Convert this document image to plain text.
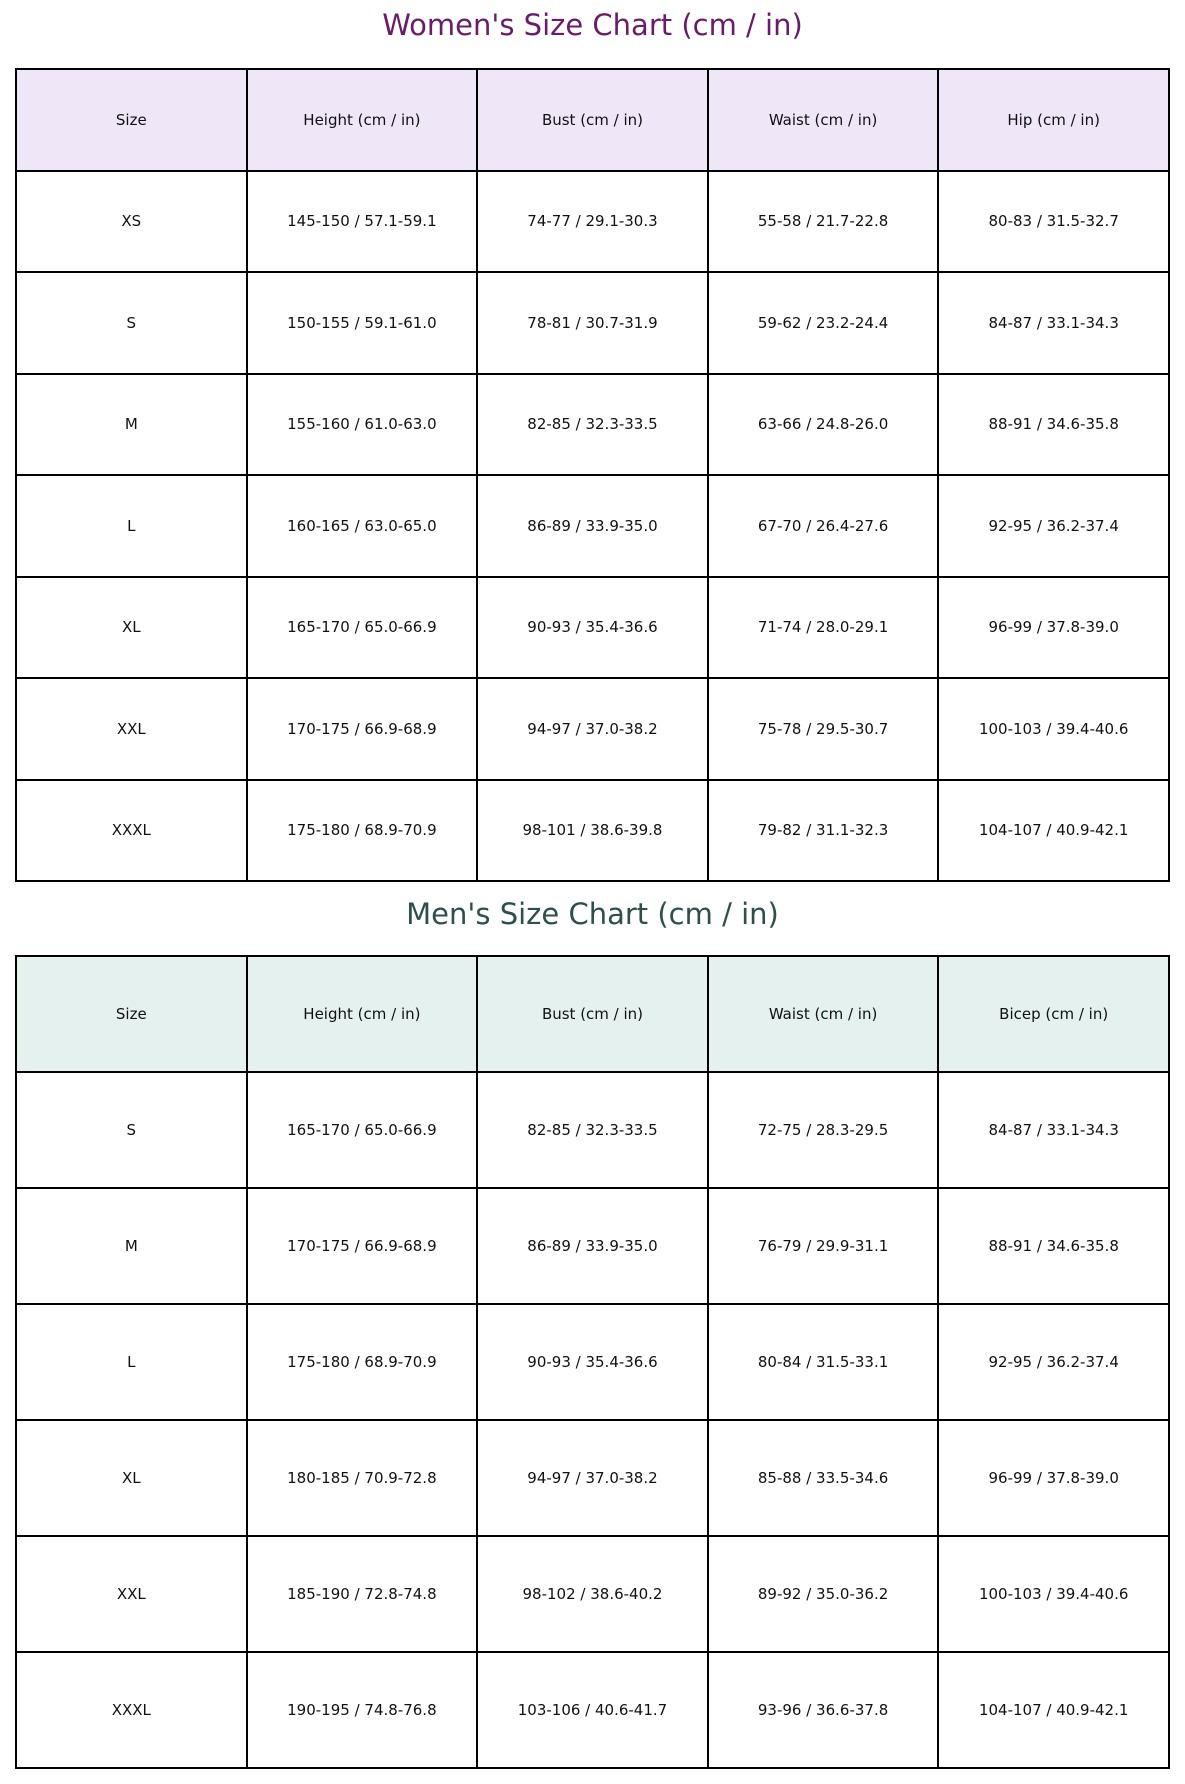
Women's Size Chart (cm / in)
Size	Height (cm / in)	Bust (cm / in)	Waist (cm / in)	Hip (cm / in)
XS	145-150 / 57.1-59.1	74-77 / 29.1-30.3	55-58 / 21.7-22.8	80-83 / 31.5-32.7
S	150-155 / 59.1-61.0	78-81 / 30.7-31.9	59-62 / 23.2-24.4	84-87 / 33.1-34.3
M	155-160 / 61.0-63.0	82-85 / 32.3-33.5	63-66 / 24.8-26.0	88-91 / 34.6-35.8
L	160-165 / 63.0-65.0	86-89 / 33.9-35.0	67-70 / 26.4-27.6	92-95 / 36.2-37.4
XL	165-170 / 65.0-66.9	90-93 / 35.4-36.6	71-74 / 28.0-29.1	96-99 / 37.8-39.0
XXL	170-175 / 66.9-68.9	94-97 / 37.0-38.2	75-78 / 29.5-30.7	100-103 / 39.4-40.6
XXXL	175-180 / 68.9-70.9	98-101 / 38.6-39.8	79-82 / 31.1-32.3	104-107 / 40.9-42.1
Men's Size Chart (cm / in)
Size	Height (cm / in)	Bust (cm / in)	Waist (cm / in)	Bicep (cm / in)
S	165-170 / 65.0-66.9	82-85 / 32.3-33.5	72-75 / 28.3-29.5	84-87 / 33.1-34.3
M	170-175 / 66.9-68.9	86-89 / 33.9-35.0	76-79 / 29.9-31.1	88-91 / 34.6-35.8
L	175-180 / 68.9-70.9	90-93 / 35.4-36.6	80-84 / 31.5-33.1	92-95 / 36.2-37.4
XL	180-185 / 70.9-72.8	94-97 / 37.0-38.2	85-88 / 33.5-34.6	96-99 / 37.8-39.0
XXL	185-190 / 72.8-74.8	98-102 / 38.6-40.2	89-92 / 35.0-36.2	100-103 / 39.4-40.6
XXXL	190-195 / 74.8-76.8	103-106 / 40.6-41.7	93-96 / 36.6-37.8	104-107 / 40.9-42.1
